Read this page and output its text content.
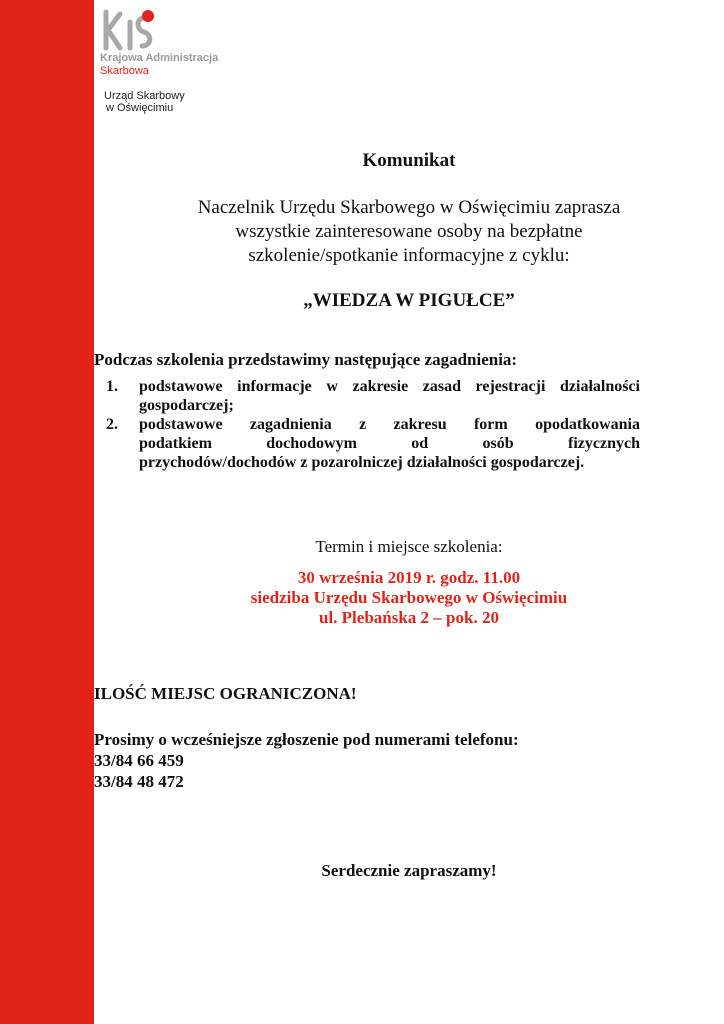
Krajowa Administracja
Skarbowa
Urząd Skarbowy
w Oświęcimiu
Komunikat
Naczelnik Urzędu Skarbowego w Oświęcimiu zaprasza
wszystkie zainteresowane osoby na bezpłatne
szkolenie/spotkanie informacyjne z cyklu:
„WIEDZA W PIGUŁCE”
Podczas szkolenia przedstawimy następujące zagadnienia:
1.	podstawowe informacje w zakresie zasad rejestracji działalności
gospodarczej;
2.	podstawowe zagadnienia z zakresu form opodatkowania
podatkiem dochodowym od osób fizycznych
przychodów/dochodów z pozarolniczej działalności gospodarczej.
Termin i miejsce szkolenia:
30 września 2019 r. godz. 11.00
siedziba Urzędu Skarbowego w Oświęcimiu
ul. Plebańska 2 – pok. 20
ILOŚĆ MIEJSC OGRANICZONA!
Prosimy o wcześniejsze zgłoszenie pod numerami telefonu:
33/84 66 459
33/84 48 472
Serdecznie zapraszamy!
